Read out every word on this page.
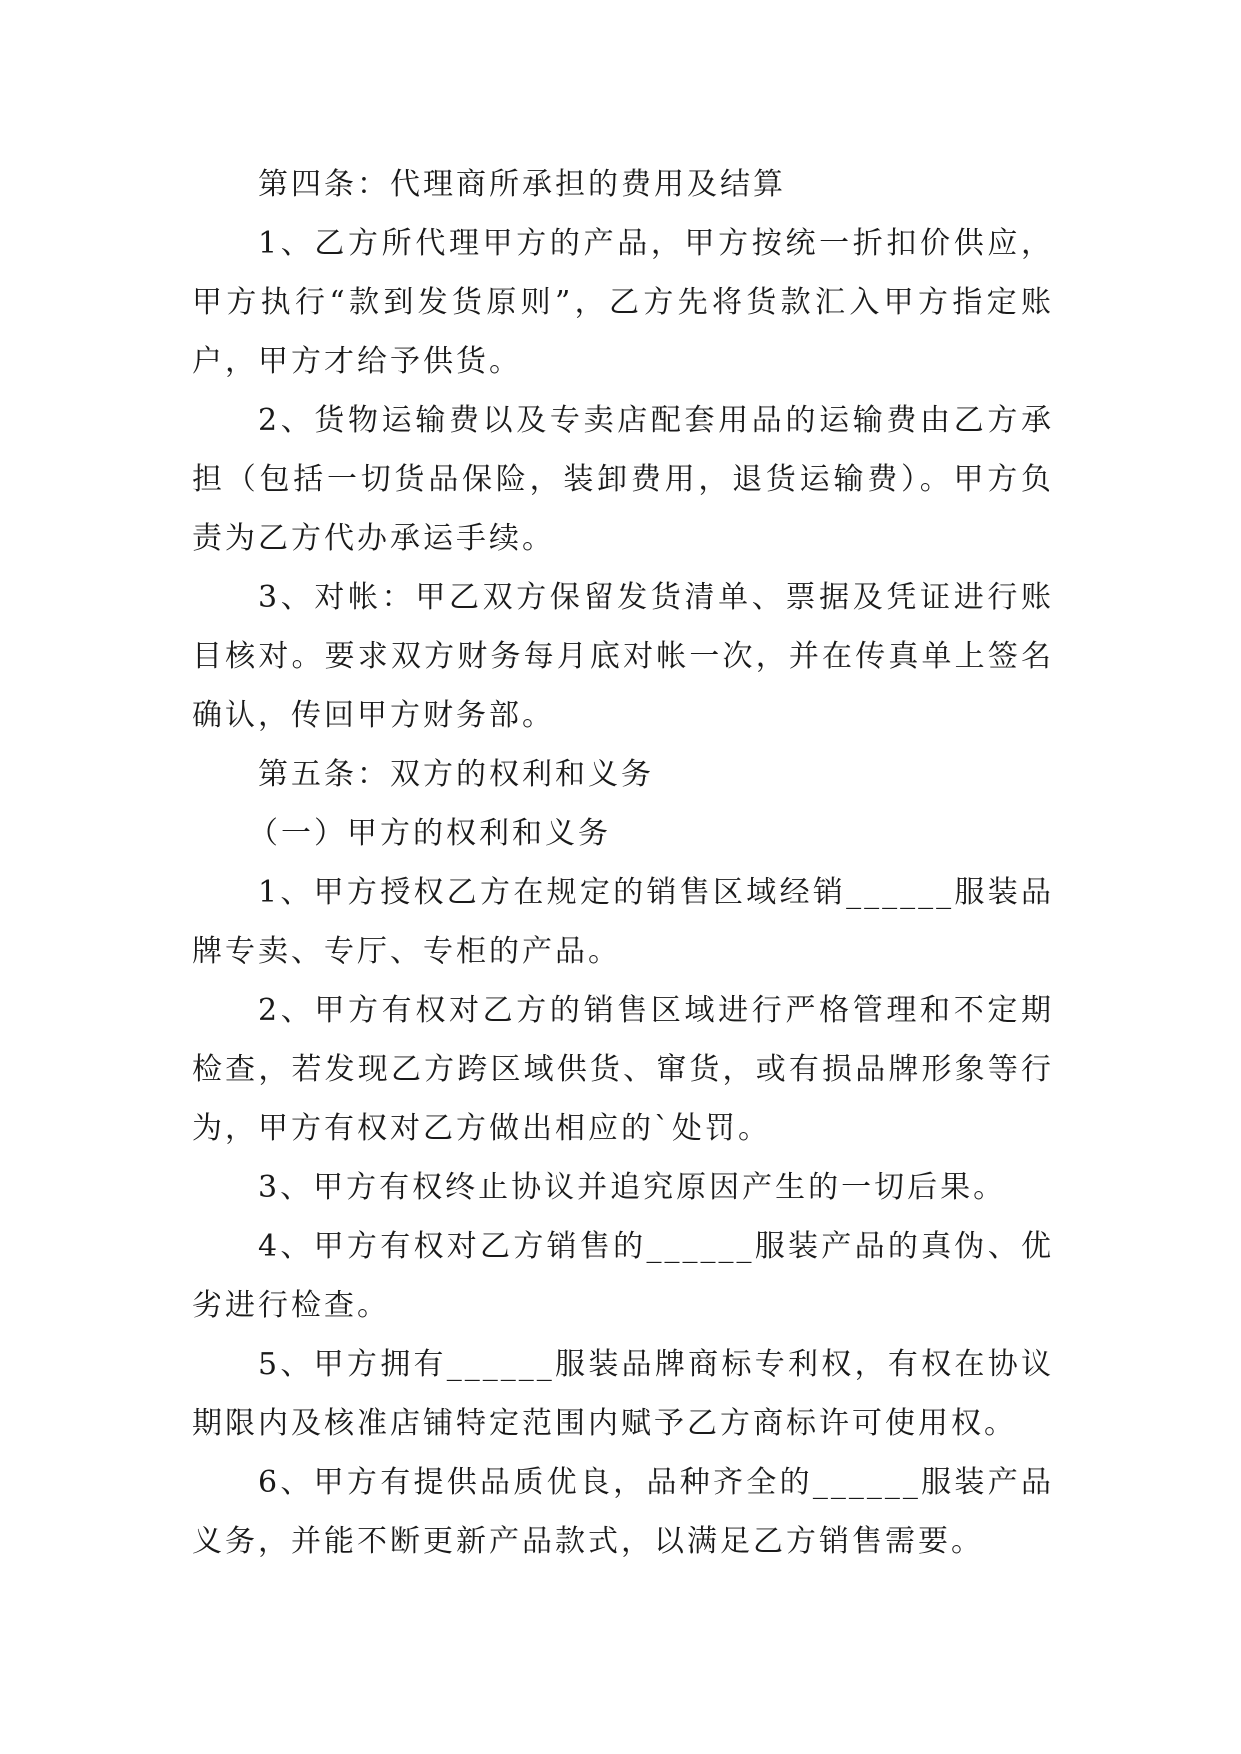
第四条：代理商所承担的费用及结算

1、乙方所代理甲方的产品，甲方按统一折扣价供应，甲方执行“款到发货原则”，乙方先将货款汇入甲方指定账户，甲方才给予供货。

2、货物运输费以及专卖店配套用品的运输费由乙方承担（包括一切货品保险，装卸费用，退货运输费）。甲方负责为乙方代办承运手续。

3、对帐：甲乙双方保留发货清单、票据及凭证进行账目核对。要求双方财务每月底对帐一次，并在传真单上签名确认，传回甲方财务部。

第五条：双方的权利和义务

（一）甲方的权利和义务

1、甲方授权乙方在规定的销售区域经销______服装品牌专卖、专厅、专柜的产品。

2、甲方有权对乙方的销售区域进行严格管理和不定期检查，若发现乙方跨区域供货、窜货，或有损品牌形象等行为，甲方有权对乙方做出相应的`处罚。

3、甲方有权终止协议并追究原因产生的一切后果。

4、甲方有权对乙方销售的______服装产品的真伪、优劣进行检查。

5、甲方拥有______服装品牌商标专利权，有权在协议期限内及核准店铺特定范围内赋予乙方商标许可使用权。

6、甲方有提供品质优良，品种齐全的______服装产品义务，并能不断更新产品款式，以满足乙方销售需要。
